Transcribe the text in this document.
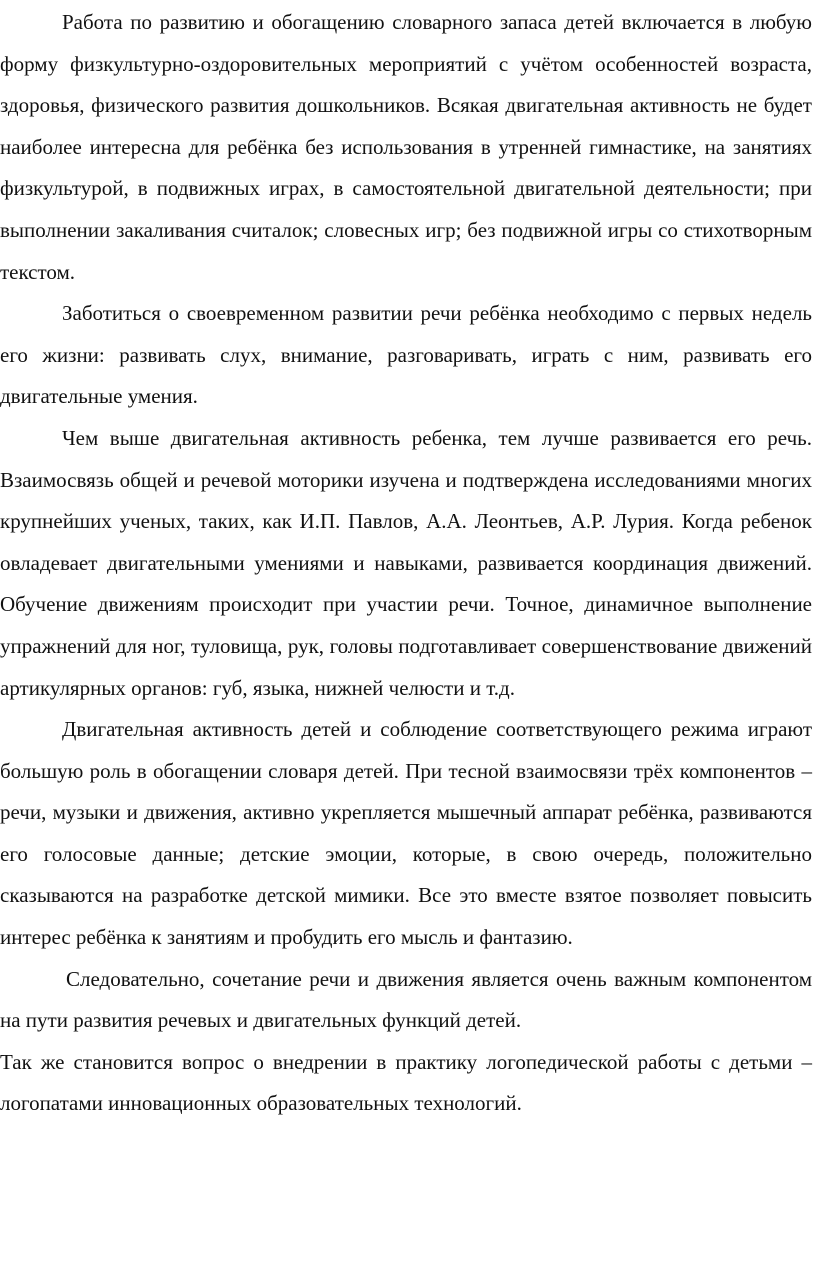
Работа по развитию и обогащению словарного запаса детей включается в любую форму физкультурно-оздоровительных мероприятий с учётом особенностей возраста, здоровья, физического развития дошкольников. Всякая двигательная активность не будет наиболее интересна для ребёнка без использования в утренней гимнастике, на занятиях физкультурой, в подвижных играх, в самостоятельной двигательной деятельности; при выполнении закаливания считалок; словесных игр; без подвижной игры со стихотворным текстом.

Заботиться о своевременном развитии речи ребёнка необходимо с первых недель его жизни: развивать слух, внимание, разговаривать, играть с ним, развивать его двигательные умения.

Чем выше двигательная активность ребенка, тем лучше развивается его речь. Взаимосвязь общей и речевой моторики изучена и подтверждена исследованиями многих крупнейших ученых, таких, как И.П. Павлов, А.А. Леонтьев, А.Р. Лурия. Когда ребенок овладевает двигательными умениями и навыками, развивается координация движений. Обучение движениям происходит при участии речи. Точное, динамичное выполнение упражнений для ног, туловища, рук, головы подготавливает совершенствование движений артикулярных органов: губ, языка, нижней челюсти и т.д.

Двигательная активность детей и соблюдение соответствующего режима играют большую роль в обогащении словаря детей. При тесной взаимосвязи трёх компонентов – речи, музыки и движения, активно укрепляется мышечный аппарат ребёнка, развиваются его голосовые данные; детские эмоции, которые, в свою очередь, положительно сказываются на разработке детской мимики. Все это вместе взятое позволяет повысить интерес ребёнка к занятиям и пробудить его мысль и фантазию.

Следовательно, сочетание речи и движения является очень важным компонентом на пути развития речевых и двигательных функций детей.

Так же становится вопрос о внедрении в практику логопедической работы с детьми –логопатами инновационных образовательных технологий.
